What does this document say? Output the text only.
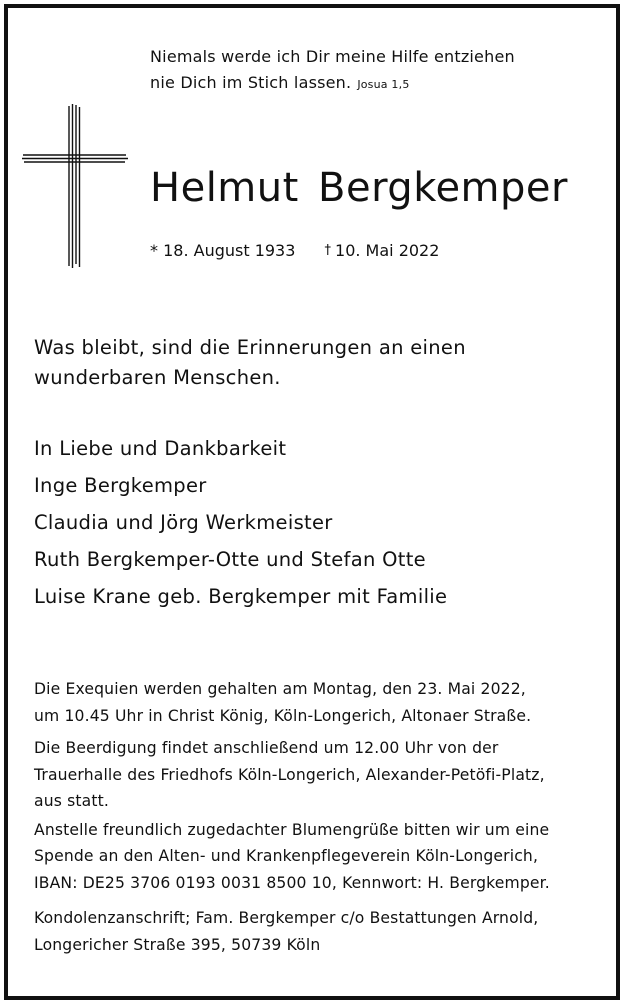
Niemals werde ich Dir meine Hilfe entziehen
nie Dich im Stich lassen. Josua 1,5
Helmut Bergkemper
* 18. August 1933 † 10. Mai 2022
Was bleibt, sind die Erinnerungen an einen
wunderbaren Menschen.
In Liebe und Dankbarkeit
Inge Bergkemper
Claudia und Jörg Werkmeister
Ruth Bergkemper-Otte und Stefan Otte
Luise Krane geb. Bergkemper mit Familie
Die Exequien werden gehalten am Montag, den 23. Mai 2022,
um 10.45 Uhr in Christ König, Köln-Longerich, Altonaer Straße.
Die Beerdigung findet anschließend um 12.00 Uhr von der
Trauerhalle des Friedhofs Köln-Longerich, Alexander-Petöfi-Platz,
aus statt.
Anstelle freundlich zugedachter Blumengrüße bitten wir um eine
Spende an den Alten- und Krankenpflegeverein Köln-Longerich,
IBAN: DE25 3706 0193 0031 8500 10, Kennwort: H. Bergkemper.
Kondolenzanschrift; Fam. Bergkemper c/o Bestattungen Arnold,
Longericher Straße 395, 50739 Köln
